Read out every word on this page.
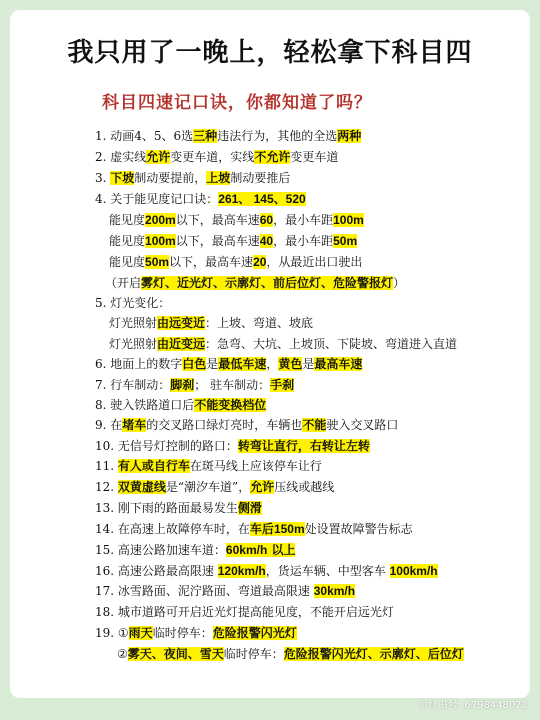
我只用了一晚上，轻松拿下科目四
科目四速记口诀，你都知道了吗？
1. 动画4、5、6选三种违法行为，其他的全选两种
2. 虚实线允许变更车道，实线不允许变更车道
3. 下坡制动要提前，上坡制动要推后
4. 关于能见度记口诀：261、 145、520
能见度200m以下，最高车速60，最小车距100m
能见度100m以下，最高车速40，最小车距50m
能见度50m以下，最高车速20，从最近出口驶出
（开启雾灯、近光灯、示廓灯、前后位灯、危险警报灯）
5. 灯光变化：
灯光照射由远变近：上坡、弯道、坡底
灯光照射由近变远：急弯、大坑、上坡顶、下陡坡、弯道进入直道
6. 地面上的数字白色是最低车速，黄色是最高车速
7. 行车制动：脚刹； 驻车制动：手刹
8. 驶入铁路道口后不能变换档位
9. 在堵车的交叉路口绿灯亮时，车辆也不能驶入交叉路口
10. 无信号灯控制的路口：转弯让直行，右转让左转
11. 有人或自行车在斑马线上应该停车让行
12. 双黄虚线是“潮汐车道”，允许压线或越线
13. 刚下雨的路面最易发生侧滑
14. 在高速上故障停车时，在车后150m处设置故障警告标志
15. 高速公路加速车道：60km/h 以上
16. 高速公路最高限速 120km/h，货运车辆、中型客车 100km/h
17. 冰雪路面、泥泞路面、弯道最高限速 30km/h
18. 城市道路可开启近光灯提高能见度，不能开启远光灯
19. ①雨天临时停车：危险报警闪光灯
②雾天、夜间、雪天临时停车：危险报警闪光灯、示廓灯、后位灯
小红书号: 6798448071
